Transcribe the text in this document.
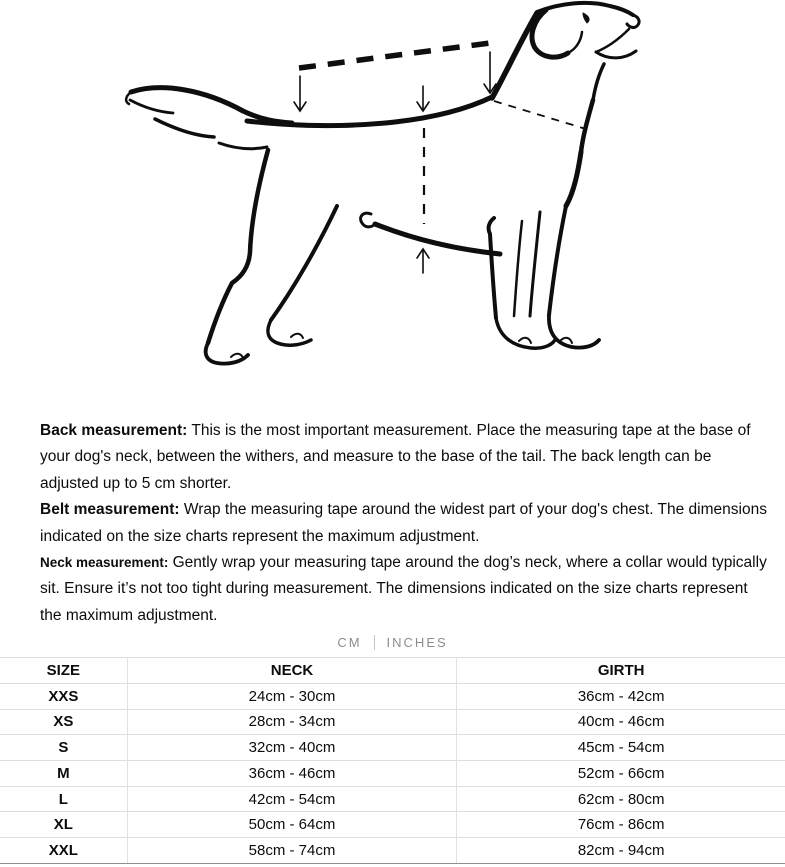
Back measurement: This is the most important measurement. Place the measuring tape at the base of your dog's neck, between the withers, and measure to the base of the tail. The back length can be adjusted up to 5 cm shorter.

Belt measurement: Wrap the measuring tape around the widest part of your dog's chest. The dimensions indicated on the size charts represent the maximum adjustment.

Neck measurement: Gently wrap your measuring tape around the dog’s neck, where a collar would typically sit. Ensure it’s not too tight during measurement. The dimensions indicated on the size charts represent the maximum adjustment.

CM INCHES
SIZE	NECK	GIRTH
XXS	24cm - 30cm	36cm - 42cm
XS	28cm - 34cm	40cm - 46cm
S	32cm - 40cm	45cm - 54cm
M	36cm - 46cm	52cm - 66cm
L	42cm - 54cm	62cm - 80cm
XL	50cm - 64cm	76cm - 86cm
XXL	58cm - 74cm	82cm - 94cm
